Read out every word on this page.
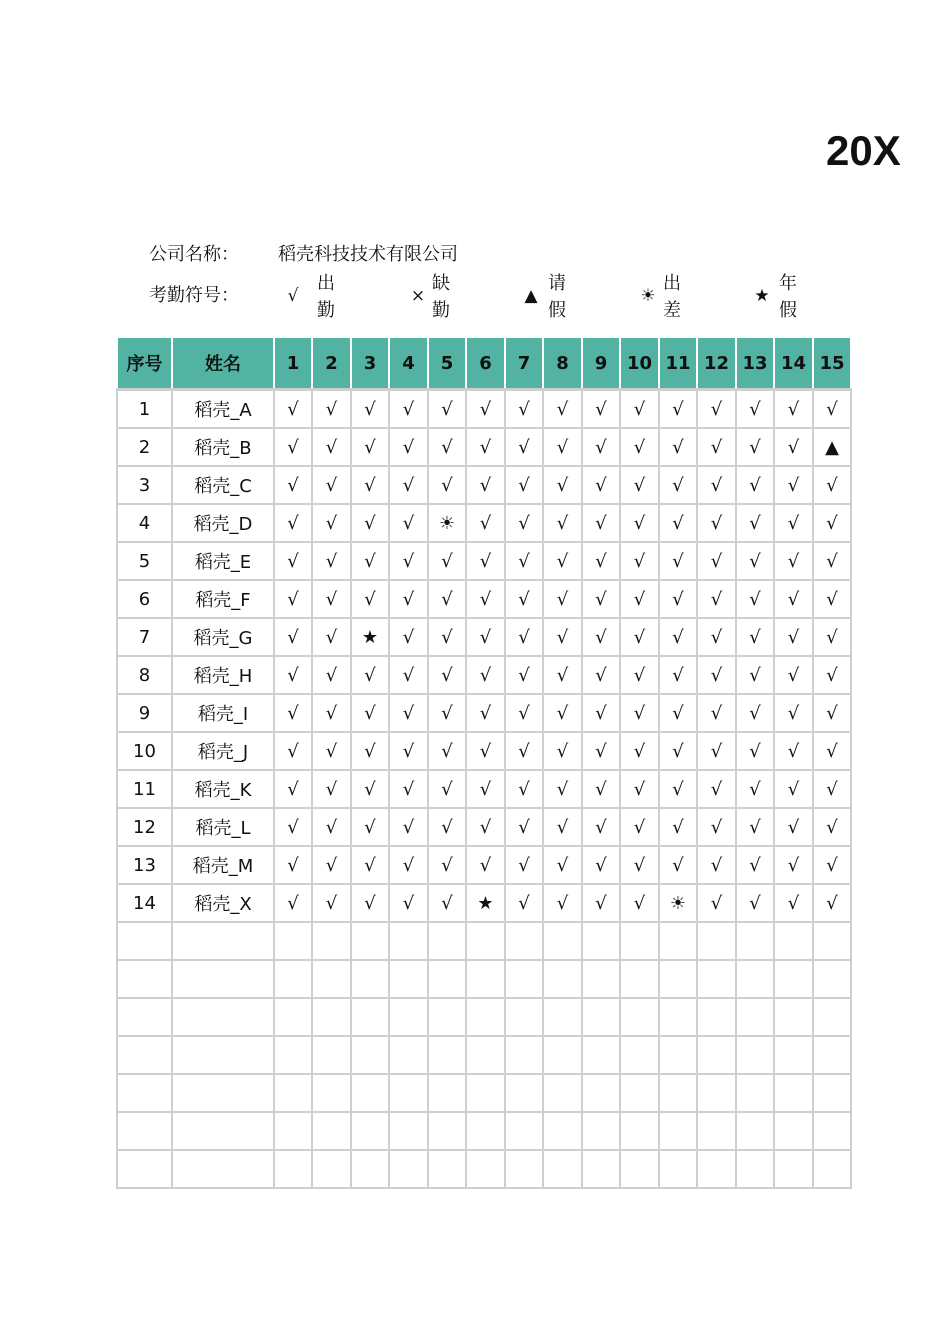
20X
公司名称： 稻壳科技技术有限公司
考勤符号：	√
出勤
×
缺勤
▲
请假
☀
出差
★
年假
序号	姓名	1	2	3	4	5	6	7	8	9	10	11	12	13	14	15
1	稻壳_A	√	√	√	√	√	√	√	√	√	√	√	√	√	√	√
2	稻壳_B	√	√	√	√	√	√	√	√	√	√	√	√	√	√	▲
3	稻壳_C	√	√	√	√	√	√	√	√	√	√	√	√	√	√	√
4	稻壳_D	√	√	√	√	☀	√	√	√	√	√	√	√	√	√	√
5	稻壳_E	√	√	√	√	√	√	√	√	√	√	√	√	√	√	√
6	稻壳_F	√	√	√	√	√	√	√	√	√	√	√	√	√	√	√
7	稻壳_G	√	√	★	√	√	√	√	√	√	√	√	√	√	√	√
8	稻壳_H	√	√	√	√	√	√	√	√	√	√	√	√	√	√	√
9	稻壳_I	√	√	√	√	√	√	√	√	√	√	√	√	√	√	√
10	稻壳_J	√	√	√	√	√	√	√	√	√	√	√	√	√	√	√
11	稻壳_K	√	√	√	√	√	√	√	√	√	√	√	√	√	√	√
12	稻壳_L	√	√	√	√	√	√	√	√	√	√	√	√	√	√	√
13	稻壳_M	√	√	√	√	√	√	√	√	√	√	√	√	√	√	√
14	稻壳_X	√	√	√	√	√	★	√	√	√	√	☀	√	√	√	√
